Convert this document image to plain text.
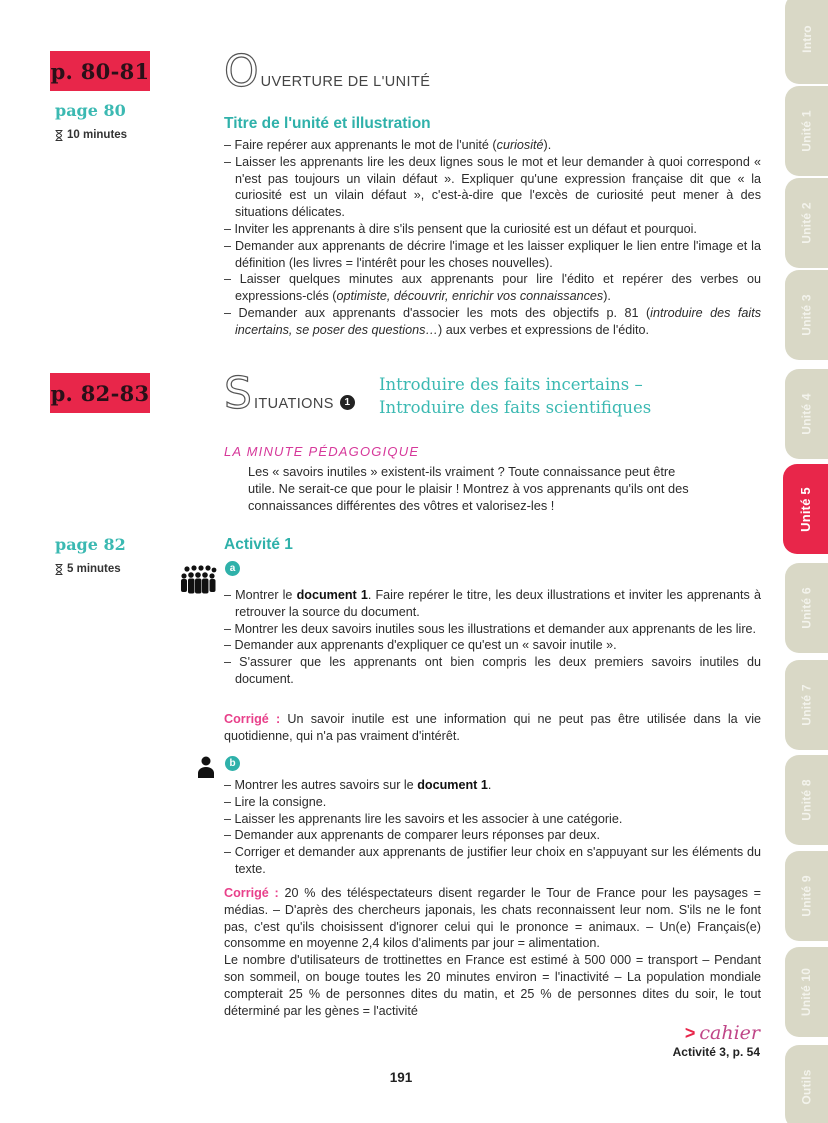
p. 80-81
page 80
10 minutes
O UVERTURE DE L'UNITÉ
Titre de l'unité et illustration
– Faire repérer aux apprenants le mot de l'unité (curiosité).
– Laisser les apprenants lire les deux lignes sous le mot et leur demander à quoi correspond « n'est pas toujours un vilain défaut ». Expliquer qu'une expression française dit que « la curiosité est un vilain défaut », c'est-à-dire que l'excès de curiosité peut mener à des situations délicates.
– Inviter les apprenants à dire s'ils pensent que la curiosité est un défaut et pourquoi.
– Demander aux apprenants de décrire l'image et les laisser expliquer le lien entre l'image et la définition (les livres = l'intérêt pour les choses nouvelles).
– Laisser quelques minutes aux apprenants pour lire l'édito et repérer des verbes ou expressions-clés (optimiste, découvrir, enrichir vos connaissances).
– Demander aux apprenants d'associer les mots des objectifs p. 81 (introduire des faits incertains, se poser des questions…) aux verbes et expressions de l'édito.
p. 82-83 S ITUATIONS	1
Introduire des faits incertains –
Introduire des faits scientifiques
LA MINUTE PÉDAGOGIQUE
Les « savoirs inutiles » existent-ils vraiment ? Toute connaissance peut être utile. Ne serait-ce que pour le plaisir ! Montrez à vos apprenants qu'ils ont des connaissances différentes des vôtres et valorisez-les !
page 82
5 minutes
Activité 1
a
– Montrer le document 1. Faire repérer le titre, les deux illustrations et inviter les apprenants à retrouver la source du document.
– Montrer les deux savoirs inutiles sous les illustrations et demander aux apprenants de les lire.
– Demander aux apprenants d'expliquer ce qu'est un « savoir inutile ».
– S'assurer que les apprenants ont bien compris les deux premiers savoirs inutiles du document.
Corrigé : Un savoir inutile est une information qui ne peut pas être utilisée dans la vie quotidienne, qui n'a pas vraiment d'intérêt.
b
– Montrer les autres savoirs sur le document 1.
– Lire la consigne.
– Laisser les apprenants lire les savoirs et les associer à une catégorie.
– Demander aux apprenants de comparer leurs réponses par deux.
– Corriger et demander aux apprenants de justifier leur choix en s'appuyant sur les éléments du texte.
Corrigé : 20 % des téléspectateurs disent regarder le Tour de France pour les paysages = médias. – D'après des chercheurs japonais, les chats reconnaissent leur nom. S'ils ne le font pas, c'est qu'ils choisissent d'ignorer celui qui le prononce = animaux. – Un(e) Français(e) consomme en moyenne 2,4 kilos d'aliments par jour = alimentation.
Le nombre d'utilisateurs de trottinettes en France est estimé à 500 000 = transport – Pendant son sommeil, on bouge toutes les 20 minutes environ = l'inactivité – La population mondiale compterait 25 % de personnes dites du matin, et 25 % de personnes dites du soir, le tout déterminé par les gènes = l'activité
> cahier
Activité 3, p. 54
191
Intro
Unité 1
Unité 2
Unité 3
Unité 4
Unité 5
Unité 6
Unité 7
Unité 8
Unité 9
Unité 10
Outils
